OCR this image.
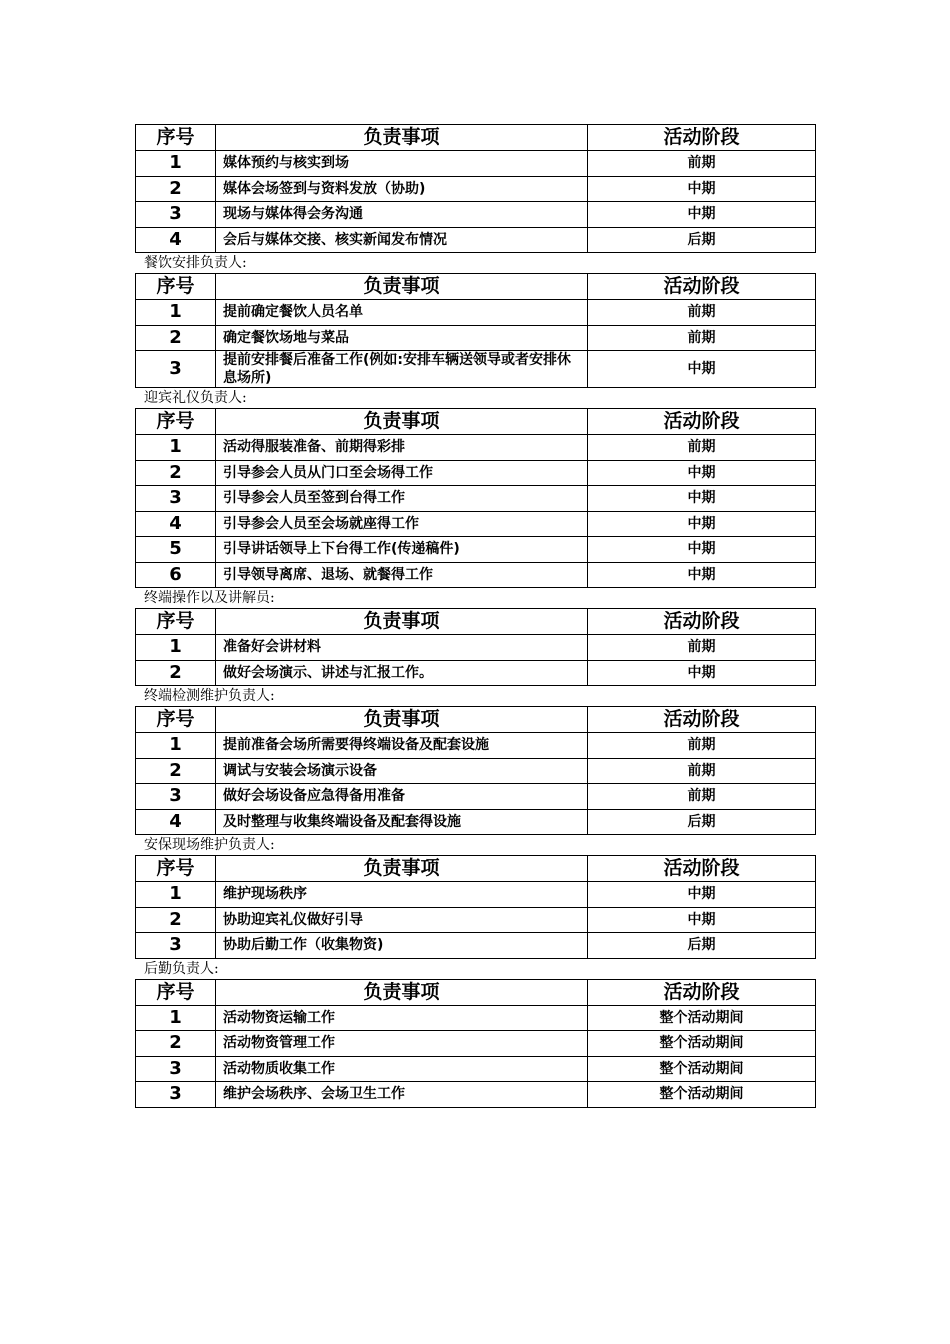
序号	负责事项	活动阶段
1	媒体预约与核实到场	前期
2	媒体会场签到与资料发放（协助)	中期
3	现场与媒体得会务沟通	中期
4	会后与媒体交接、核实新闻发布情况	后期
餐饮安排负责人:
序号	负责事项	活动阶段
1	提前确定餐饮人员名单	前期
2	确定餐饮场地与菜品	前期
3	提前安排餐后准备工作(例如:安排车辆送领导或者安排休息场所)	中期
迎宾礼仪负责人:
序号	负责事项	活动阶段
1	活动得服装准备、前期得彩排	前期
2	引导参会人员从门口至会场得工作	中期
3	引导参会人员至签到台得工作	中期
4	引导参会人员至会场就座得工作	中期
5	引导讲话领导上下台得工作(传递稿件)	中期
6	引导领导离席、退场、就餐得工作	中期
终端操作以及讲解员:
序号	负责事项	活动阶段
1	准备好会讲材料	前期
2	做好会场演示、讲述与汇报工作。	中期
终端检测维护负责人:
序号	负责事项	活动阶段
1	提前准备会场所需要得终端设备及配套设施	前期
2	调试与安装会场演示设备	前期
3	做好会场设备应急得备用准备	前期
4	及时整理与收集终端设备及配套得设施	后期
安保现场维护负责人:
序号	负责事项	活动阶段
1	维护现场秩序	中期
2	协助迎宾礼仪做好引导	中期
3	协助后勤工作（收集物资)	后期
后勤负责人:
序号	负责事项	活动阶段
1	活动物资运输工作	整个活动期间
2	活动物资管理工作	整个活动期间
3	活动物质收集工作	整个活动期间
3	维护会场秩序、会场卫生工作	整个活动期间
